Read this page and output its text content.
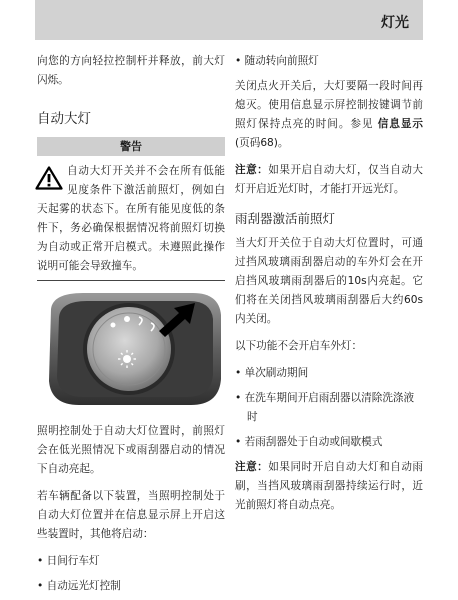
灯光

向您的方向轻拉控制杆并释放，前大灯闪烁。

自动大灯
警告

自动大灯开关并不会在所有低能见度条件下激活前照灯，例如白天起雾的状态下。在所有能见度低的条件下，务必确保根据情况将前照灯切换为自动或正常开启模式。未遵照此操作说明可能会导致撞车。

照明控制处于自动大灯位置时，前照灯会在低光照情况下或雨刮器启动的情况下自动亮起。

若车辆配备以下装置，当照明控制处于自动大灯位置并在信息显示屏上开启这些装置时，其他将启动：

• 日间行车灯
• 自动远光灯控制
• 随动转向前照灯

关闭点火开关后，大灯要隔一段时间再熄灭。使用信息显示屏控制按键调节前照灯保持点亮的时间。参见 信息显示 (页码68)。

注意：如果开启自动大灯，仅当自动大灯开启近光灯时，才能打开远光灯。

雨刮器激活前照灯

当大灯开关位于自动大灯位置时，可通过挡风玻璃雨刮器启动的车外灯会在开启挡风玻璃雨刮器后的10s内亮起。它们将在关闭挡风玻璃雨刮器后大约60s内关闭。

以下功能不会开启车外灯：

• 单次刷动期间
• 在洗车期间开启雨刮器以清除洗涤液时
• 若雨刮器处于自动或间歇模式

注意：如果同时开启自动大灯和自动雨刷，当挡风玻璃雨刮器持续运行时，近光前照灯将自动点亮。
